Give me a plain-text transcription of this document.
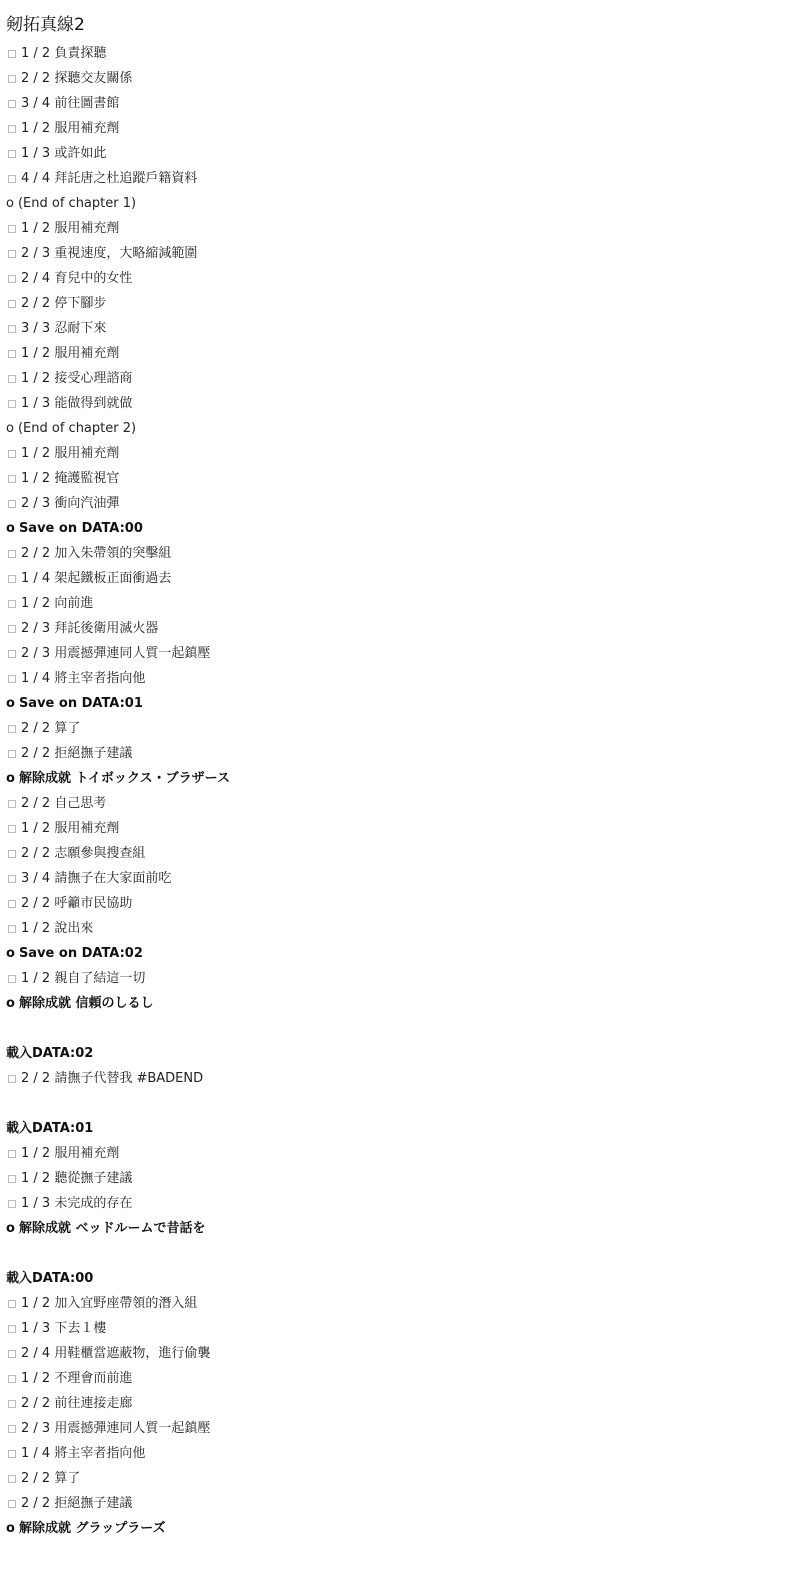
剱拓真線2
1 / 2 負責探聽
2 / 2 探聽交友關係
3 / 4 前往圖書館
1 / 2 服用補充劑
1 / 3 或許如此
4 / 4 拜託唐之杜追蹤戶籍資料
o (End of chapter 1)
1 / 2 服用補充劑
2 / 3 重視速度，大略縮減範圍
2 / 4 育兒中的女性
2 / 2 停下腳步
3 / 3 忍耐下來
1 / 2 服用補充劑
1 / 2 接受心理諮商
1 / 3 能做得到就做
o (End of chapter 2)
1 / 2 服用補充劑
1 / 2 掩護監視官
2 / 3 衝向汽油彈
o Save on DATA:00
2 / 2 加入朱帶領的突擊組
1 / 4 架起鐵板正面衝過去
1 / 2 向前進
2 / 3 拜託後衛用滅火器
2 / 3 用震撼彈連同人質一起鎮壓
1 / 4 將主宰者指向他
o Save on DATA:01
2 / 2 算了
2 / 2 拒絕撫子建議
o 解除成就 トイボックス・ブラザース
2 / 2 自己思考
1 / 2 服用補充劑
2 / 2 志願參與搜查組
3 / 4 請撫子在大家面前吃
2 / 2 呼籲市民協助
1 / 2 說出來
o Save on DATA:02
1 / 2 親自了結這一切
o 解除成就 信頼のしるし
載入DATA:02
2 / 2 請撫子代替我 #BADEND
載入DATA:01
1 / 2 服用補充劑
1 / 2 聽從撫子建議
1 / 3 未完成的存在
o 解除成就 ベッドルームで昔話を
載入DATA:00
1 / 2 加入宜野座帶領的潛入組
1 / 3 下去１樓
2 / 4 用鞋櫃當遮蔽物，進行偷襲
1 / 2 不理會而前進
2 / 2 前往連接走廊
2 / 3 用震撼彈連同人質一起鎮壓
1 / 4 將主宰者指向他
2 / 2 算了
2 / 2 拒絕撫子建議
o 解除成就 グラップラーズ
